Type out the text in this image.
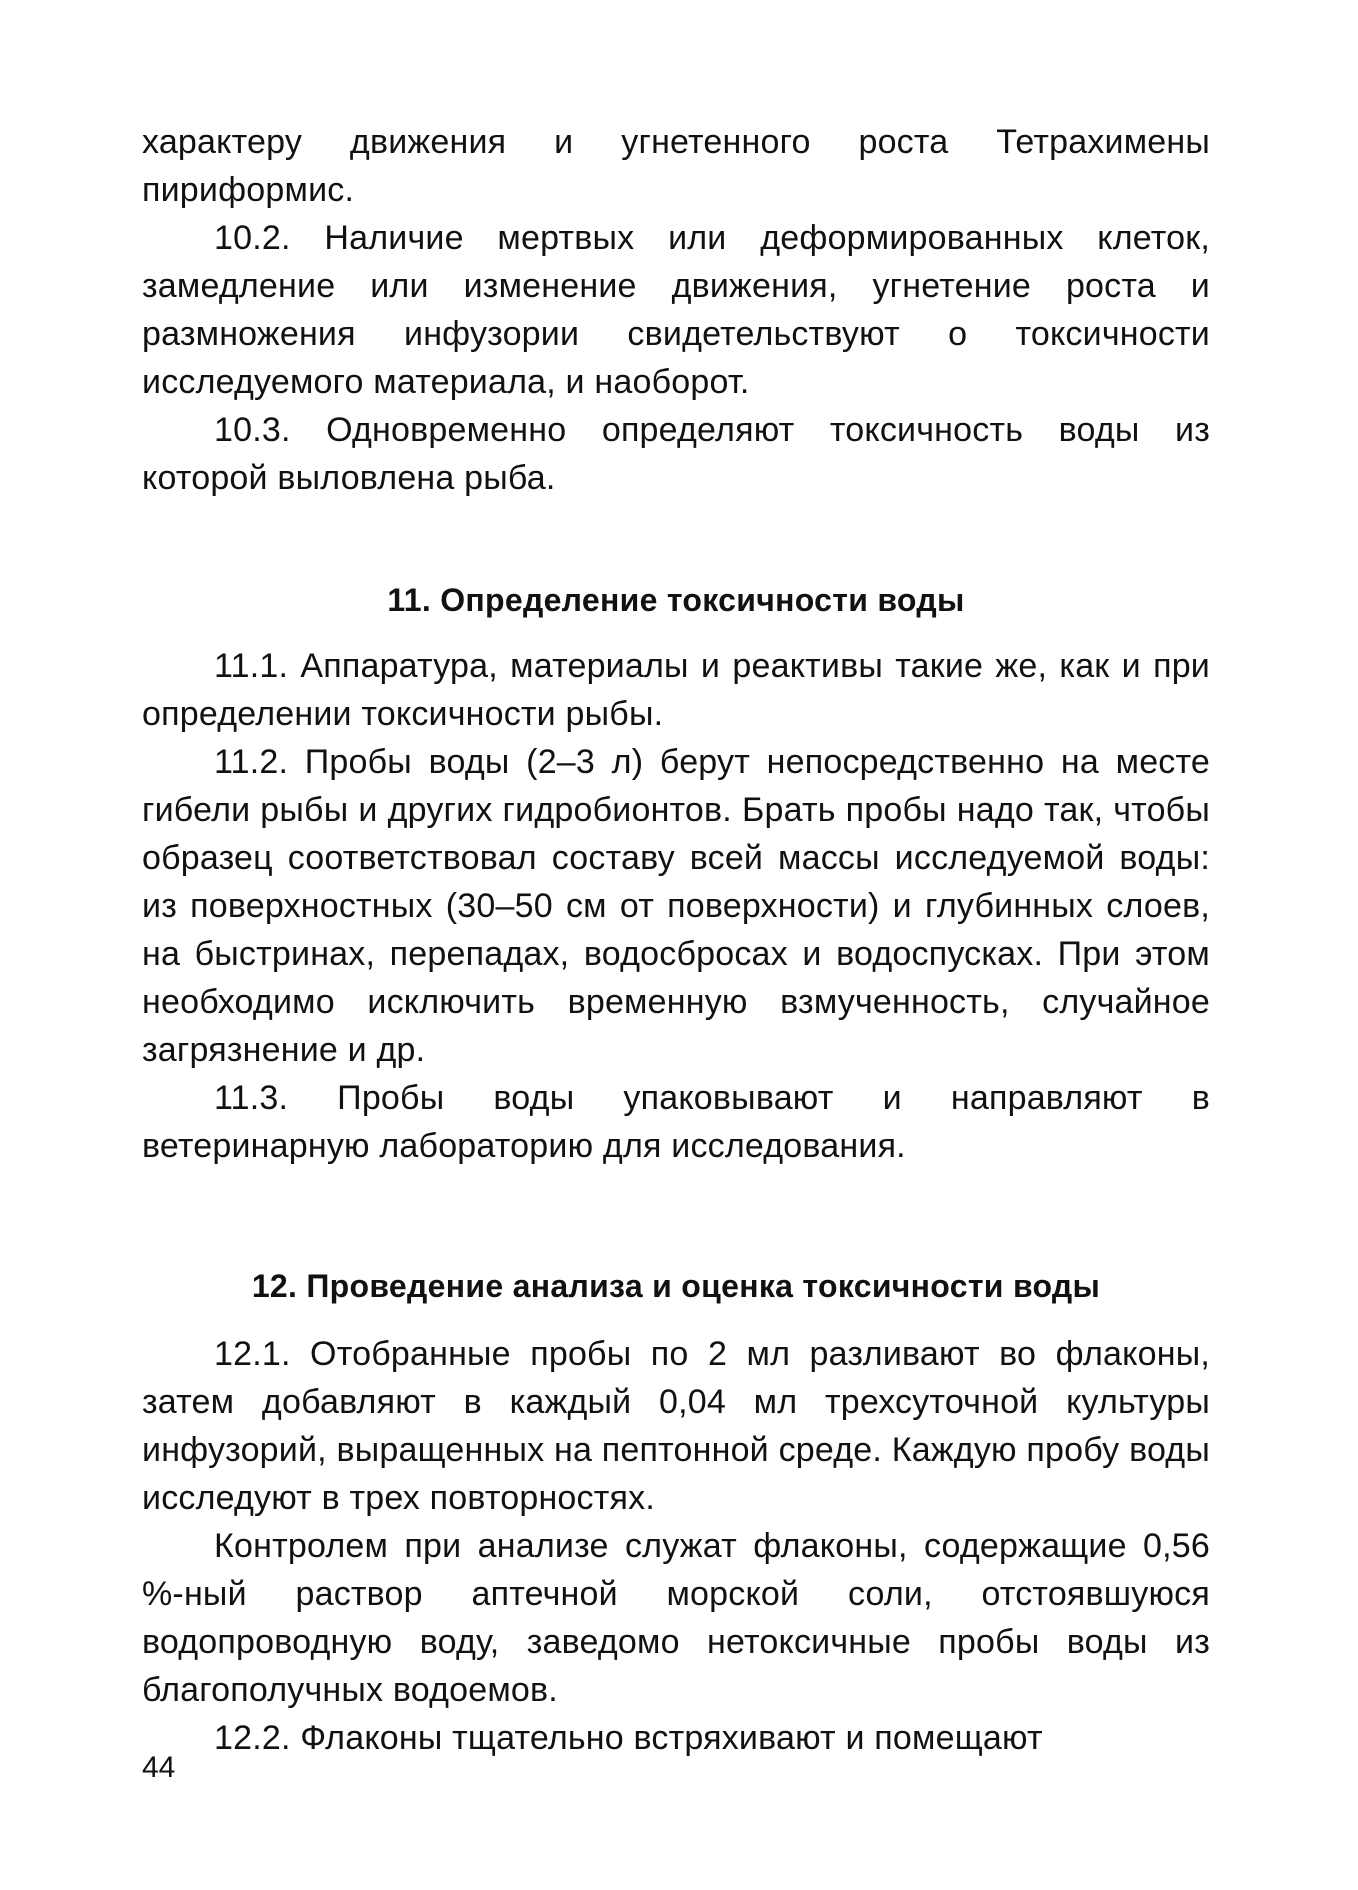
характеру движения и угнетенного роста Тетрахимены пириформис.

10.2. Наличие мертвых или деформированных клеток, замедление или изменение движения, угнетение роста и размножения инфузории свидетельствуют о токсичности исследуемого материала, и наоборот.

10.3. Одновременно определяют токсичность воды из которой выловлена рыба.

11. Определение токсичности воды

11.1. Аппаратура, материалы и реактивы такие же, как и при определении токсичности рыбы.

11.2. Пробы воды (2–3 л) берут непосредственно на месте гибели рыбы и других гидробионтов. Брать пробы надо так, чтобы образец соответствовал составу всей массы исследуемой воды: из поверхностных (30–50 см от поверхности) и глубинных слоев, на быстринах, перепадах, водосбросах и водоспусках. При этом необходимо исключить временную взмученность, случайное загрязнение и др.

11.3. Пробы воды упаковывают и направляют в ветеринарную лабораторию для исследования.

12. Проведение анализа и оценка токсичности воды

12.1. Отобранные пробы по 2 мл разливают во флаконы, затем добавляют в каждый 0,04 мл трехсуточной культуры инфузорий, выращенных на пептонной среде. Каждую пробу воды исследуют в трех повторностях.

Контролем при анализе служат флаконы, содержащие 0,56 %-ный раствор аптечной морской соли, отстоявшуюся водопроводную воду, заведомо нетоксичные пробы воды из благополучных водоемов.

12.2. Флаконы тщательно встряхивают и помещают

44
